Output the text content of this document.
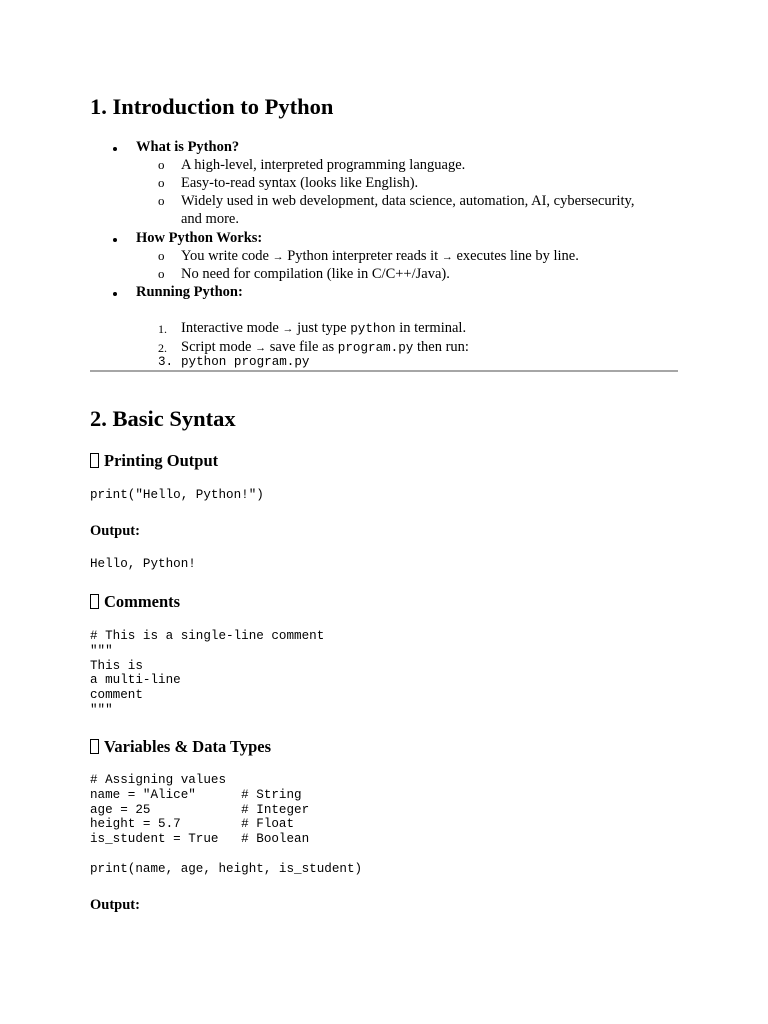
1. Introduction to Python
What is Python?
o A high-level, interpreted programming language.
o Easy-to-read syntax (looks like English).
o Widely used in web development, data science, automation, AI, cybersecurity,
and more.
How Python Works:
o You write code → Python interpreter reads it → executes line by line.
o No need for compilation (like in C/C++/Java).
Running Python:
1. Interactive mode → just type python in terminal.
2. Script mode → save file as program.py then run:
3. python program.py
2. Basic Syntax
Printing Output
print("Hello, Python!")
Output:
Hello, Python!
Comments
# This is a single-line comment
"""
This is
a multi-line
comment
"""
Variables & Data Types
# Assigning values
name = "Alice"      # String
age = 25            # Integer
height = 5.7        # Float
is_student = True   # Boolean
print(name, age, height, is_student)
Output:
